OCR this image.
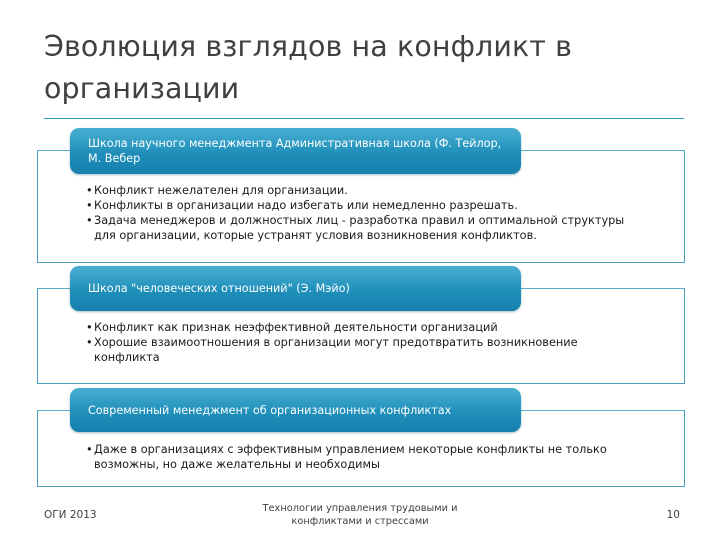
Эволюция взглядов на конфликт в организации
Школа научного менеджмента Административная школа (Ф. Тейлор, М. Вебер
• Конфликт нежелателен для организации.
• Конфликты в организации надо избегать или немедленно разрешать.
• Задача менеджеров и должностных лиц - разработка правил и оптимальной структуры для организации, которые устранят условия возникновения конфликтов.
Школа "человеческих отношений" (Э. Мэйо)
• Конфликт как признак неэффективной деятельности организаций
• Хорошие взаимоотношения в организации могут предотвратить возникновение конфликта
Современный менеджмент об организационных конфликтах
• Даже в организациях с эффективным управлением некоторые конфликты не только возможны, но даже желательны и необходимы
ОГИ 2013
Технологии управления трудовыми и конфликтами и стрессами
10
